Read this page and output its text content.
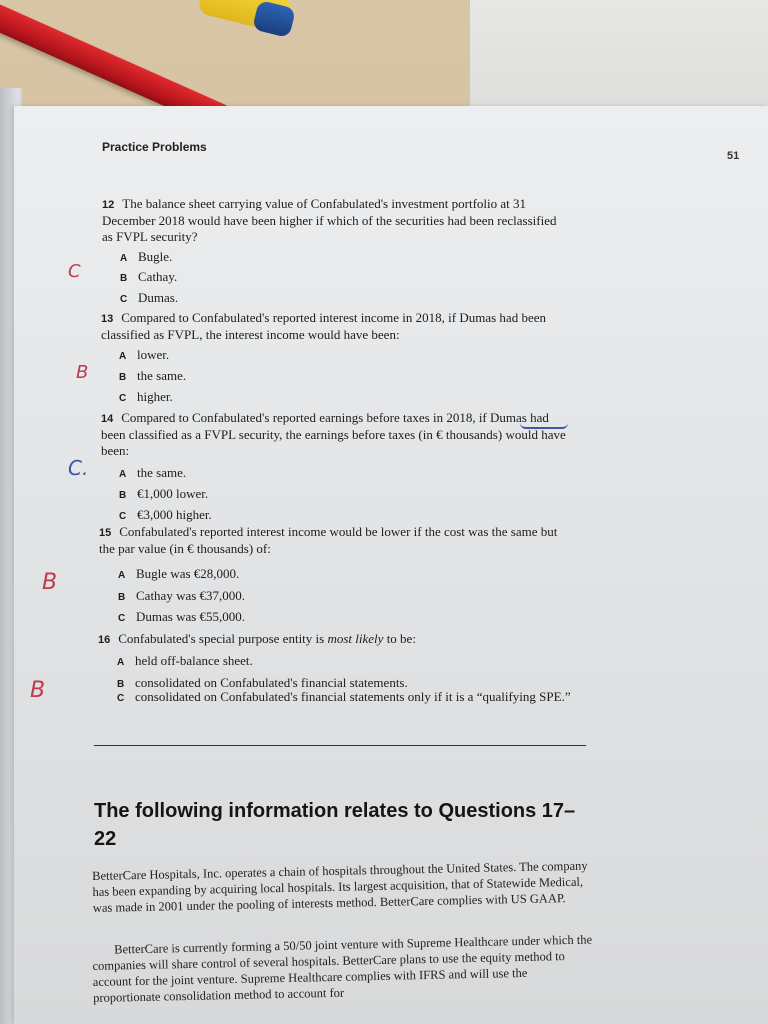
Practice Problems
51
12 The balance sheet carrying value of Confabulated's investment portfolio at 31 December 2018 would have been higher if which of the securities had been reclassified as FVPL security?
A Bugle.
B Cathay.
C Dumas.
C
13 Compared to Confabulated's reported interest income in 2018, if Dumas had been classified as FVPL, the interest income would have been:
A lower.
B the same.
C higher.
B
14 Compared to Confabulated's reported earnings before taxes in 2018, if Dumas had been classified as a FVPL security, the earnings before taxes (in € thousands) would have been:
A the same.
B €1,000 lower.
C €3,000 higher.
C.
15 Confabulated's reported interest income would be lower if the cost was the same but the par value (in € thousands) of:
A Bugle was €28,000.
B Cathay was €37,000.
C Dumas was €55,000.
B
16 Confabulated's special purpose entity is most likely to be:
A held off-balance sheet.
B consolidated on Confabulated's financial statements.
C consolidated on Confabulated's financial statements only if it is a “qualifying SPE.”
B
The following information relates to Questions 17–22
BetterCare Hospitals, Inc. operates a chain of hospitals throughout the United States. The company has been expanding by acquiring local hospitals. Its largest acquisition, that of Statewide Medical, was made in 2001 under the pooling of interests method. BetterCare complies with US GAAP.
BetterCare is currently forming a 50/50 joint venture with Supreme Healthcare under which the companies will share control of several hospitals. BetterCare plans to use the equity method to account for the joint venture. Supreme Healthcare complies with IFRS and will use the proportionate consolidation method to account for
